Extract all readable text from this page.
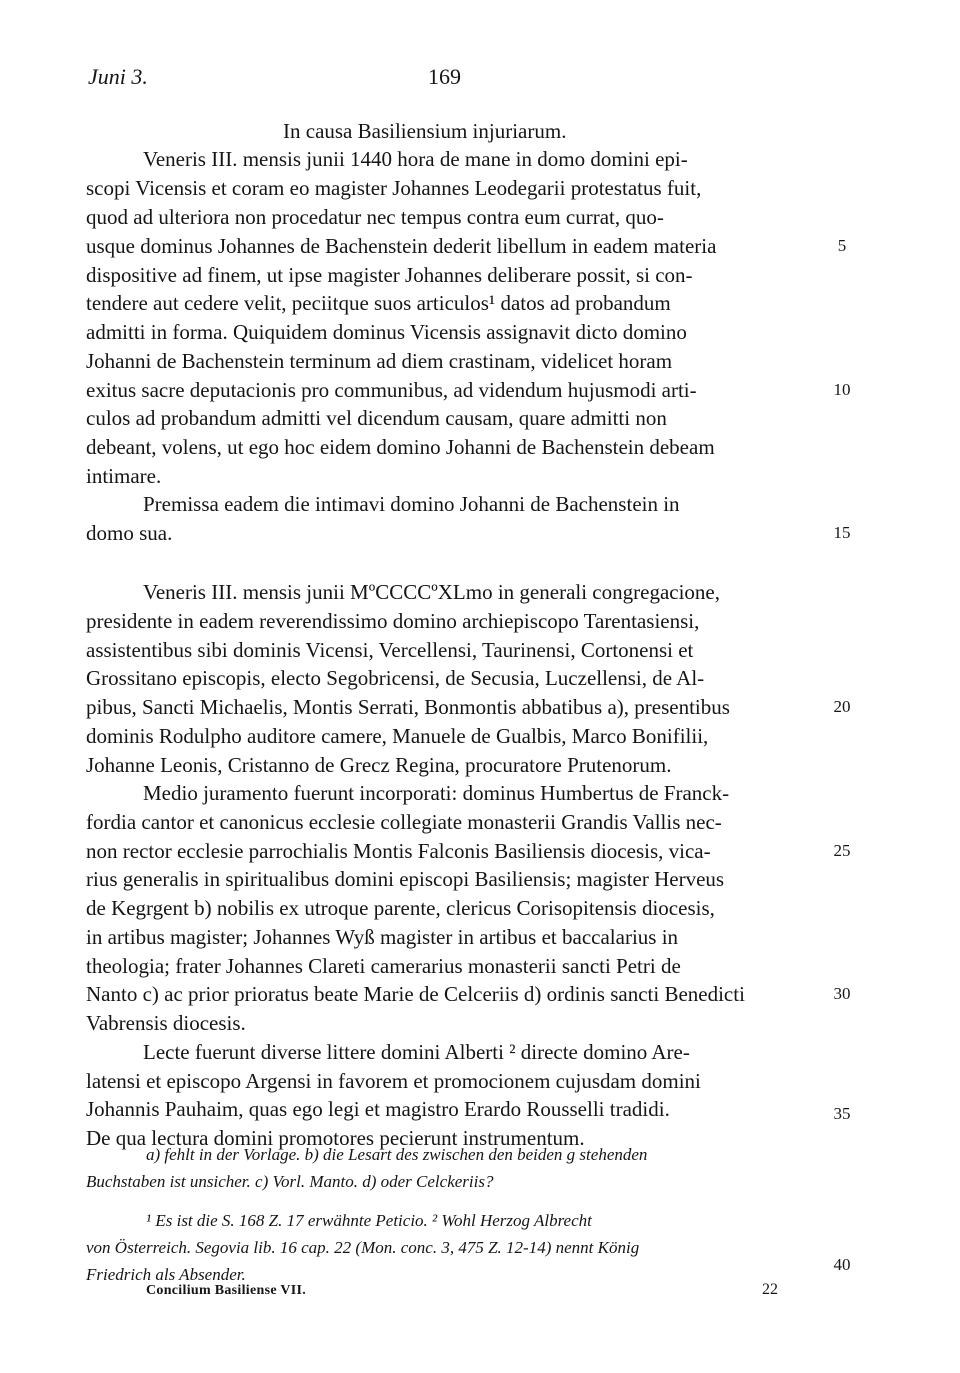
Juni 3.	169
In causa Basiliensium injuriarum.
Veneris III. mensis junii 1440 hora de mane in domo domini epi-
scopi Vicensis et coram eo magister Johannes Leodegarii protestatus fuit,
quod ad ulteriora non procedatur nec tempus contra eum currat, quo-
usque dominus Johannes de Bachenstein dederit libellum in eadem materia
dispositive ad finem, ut ipse magister Johannes deliberare possit, si con-
tendere aut cedere velit, peciitque suos articulos¹ datos ad probandum
admitti in forma. Quiquidem dominus Vicensis assignavit dicto domino
Johanni de Bachenstein terminum ad diem crastinam, videlicet horam
exitus sacre deputacionis pro communibus, ad videndum hujusmodi arti-
culos ad probandum admitti vel dicendum causam, quare admitti non
debeant, volens, ut ego hoc eidem domino Johanni de Bachenstein debeam
intimare.
Premissa eadem die intimavi domino Johanni de Bachenstein in
domo sua.
Veneris III. mensis junii MºCCCCºXLmo in generali congregacione,
presidente in eadem reverendissimo domino archiepiscopo Tarentasiensi,
assistentibus sibi dominis Vicensi, Vercellensi, Taurinensi, Cortonensi et
Grossitano episcopis, electo Segobricensi, de Secusia, Luczellensi, de Al-
pibus, Sancti Michaelis, Montis Serrati, Bonmontis abbatibus a), presentibus
dominis Rodulpho auditore camere, Manuele de Gualbis, Marco Bonifilii,
Johanne Leonis, Cristanno de Grecz Regina, procuratore Prutenorum.
Medio juramento fuerunt incorporati: dominus Humbertus de Franck-
fordia cantor et canonicus ecclesie collegiate monasterii Grandis Vallis nec-
non rector ecclesie parrochialis Montis Falconis Basiliensis diocesis, vica-
rius generalis in spiritualibus domini episcopi Basiliensis; magister Herveus
de Kegrgent b) nobilis ex utroque parente, clericus Corisopitensis diocesis,
in artibus magister; Johannes Wyß magister in artibus et baccalarius in
theologia; frater Johannes Clareti camerarius monasterii sancti Petri de
Nanto c) ac prior prioratus beate Marie de Celceriis d) ordinis sancti Benedicti
Vabrensis diocesis.
Lecte fuerunt diverse littere domini Alberti ² directe domino Are-
latensi et episcopo Argensi in favorem et promocionem cujusdam domini
Johannis Pauhaim, quas ego legi et magistro Erardo Rousselli tradidi.
De qua lectura domini promotores pecierunt instrumentum.
5
10
15
20
25
30
35
40
a) fehlt in der Vorlage. b) die Lesart des zwischen den beiden g stehenden
Buchstaben ist unsicher. c) Vorl. Manto. d) oder Celckeriis?
¹ Es ist die S. 168 Z. 17 erwähnte Peticio. ² Wohl Herzog Albrecht
von Österreich. Segovia lib. 16 cap. 22 (Mon. conc. 3, 475 Z. 12-14) nennt König
Friedrich als Absender.
Concilium Basiliense VII.	22
